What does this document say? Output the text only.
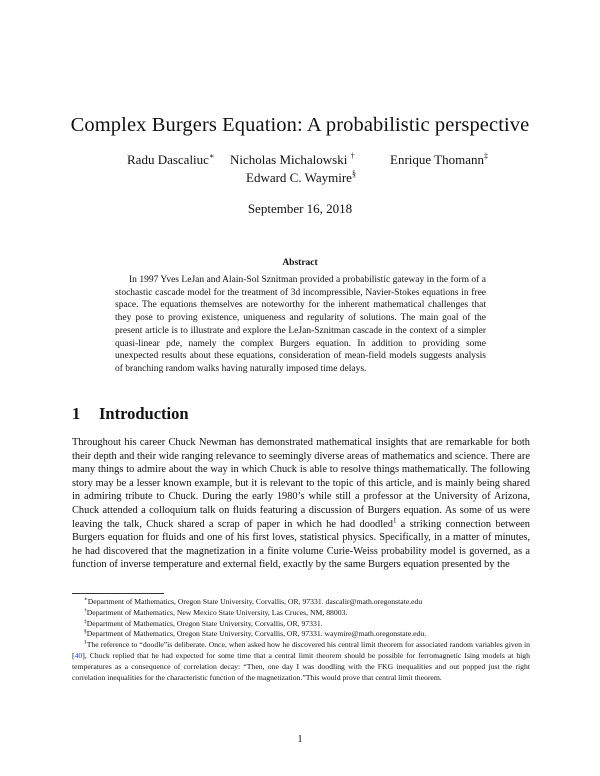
Complex Burgers Equation: A probabilistic perspective
Radu Dascaliuc∗ Nicholas Michalowski †	Enrique Thomann‡
Edward C. Waymire§
September 16, 2018
Abstract

In 1997 Yves LeJan and Alain-Sol Sznitman provided a probabilistic gateway in the form of a stochastic cascade model for the treatment of 3d incompressible, Navier-Stokes equations in free space. The equations themselves are noteworthy for the inherent mathematical challenges that they pose to proving existence, uniqueness and regularity of solutions. The main goal of the present article is to illustrate and explore the LeJan-Sznitman cascade in the context of a simpler quasi-linear pde, namely the complex Burgers equation. In addition to providing some unexpected results about these equations, consideration of mean-field models suggests analysis of branching random walks having naturally imposed time delays.

1 Introduction

Throughout his career Chuck Newman has demonstrated mathematical insights that are remarkable for both their depth and their wide ranging relevance to seemingly diverse areas of mathematics and science. There are many things to admire about the way in which Chuck is able to resolve things mathematically. The following story may be a lesser known example, but it is relevant to the topic of this article, and is mainly being shared in admiring tribute to Chuck. During the early 1980’s while still a professor at the University of Arizona, Chuck attended a colloquium talk on fluids featuring a discussion of Burgers equation. As some of us were leaving the talk, Chuck shared a scrap of paper in which he had doodled$^1$ a striking connection between Burgers equation for fluids and one of his first loves, statistical physics. Specifically, in a matter of minutes, he had discovered that the magnetization in a finite volume Curie-Weiss probability model is governed, as a function of inverse temperature and external field, exactly by the same Burgers equation presented by the

∗Department of Mathematics, Oregon State University, Corvallis, OR, 97331. dascalir@math.oregonstate.edu

†Department of Mathematics, New Mexico State University, Las Cruces, NM, 88003.

‡Department of Mathematics, Oregon State University, Corvallis, OR, 97331.

§Department of Mathematics, Oregon State University, Corvallis, OR, 97331. waymire@math.oregonstate.edu.

$^1$The reference to “doodle”is deliberate. Once, when asked how he discovered his central limit theorem for associated random variables given in [40], Chuck replied that he had expected for some time that a central limit theorem should be possible for ferromagnetic Ising models at high temperatures as a consequence of correlation decay: “Then, one day I was doodling with the FKG inequalities and out popped just the right correlation inequalities for the characteristic function of the magnetization.”This would prove that central limit theorem.

1
